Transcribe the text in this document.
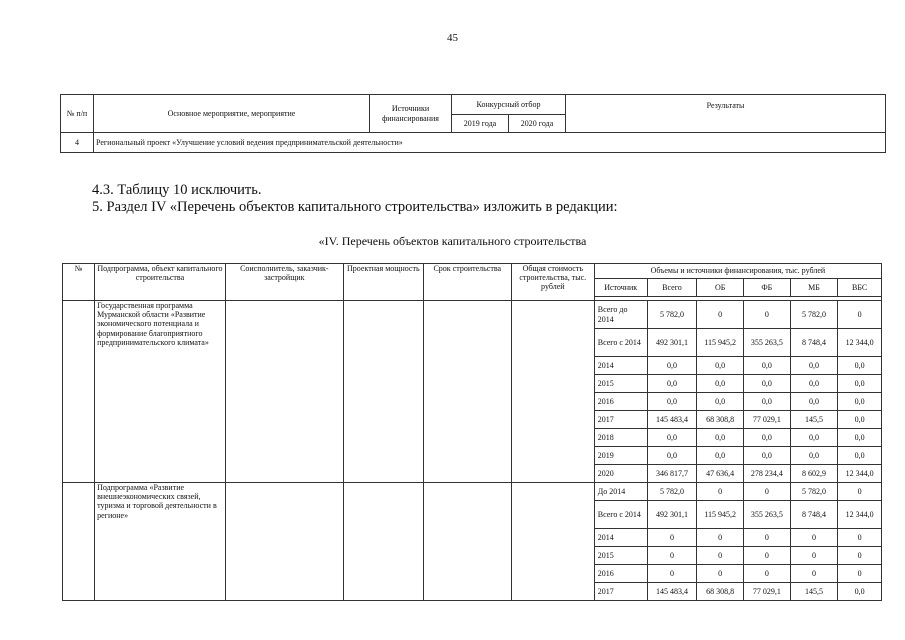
45
№ п/п	Основное мероприятие, мероприятие	Источники финансирования	Конкурсный отбор		Результаты
			2019 года	2020 года	
4	Региональный проект «Улучшение условий ведения предпринимательской деятельности»				
4.3. Таблицу 10 исключить.
5. Раздел IV «Перечень объектов капитального строительства» изложить в редакции:
«IV. Перечень объектов капитального строительства
№	Подпрограмма, объект капитального строительства	Соисполнитель, заказчик-застройщик	Проектная мощность	Срок строительства	Общая стоимость строительства, тыс. рублей	Объемы и источники финансирования, тыс. рублей					
						Источник	Всего	ОБ	ФБ	МБ	ВБС

	Государственная программа Мурманской области «Развитие экономического потенциала и формирование благоприятного предпринимательского климата»					Всего до 2014	5 782,0	0	0	5 782,0	0
						Всего с 2014	492 301,1	115 945,2	355 263,5	8 748,4	12 344,0
						2014	0,0	0,0	0,0	0,0	0,0
						2015	0,0	0,0	0,0	0,0	0,0
						2016	0,0	0,0	0,0	0,0	0,0
						2017	145 483,4	68 308,8	77 029,1	145,5	0,0
						2018	0,0	0,0	0,0	0,0	0,0
						2019	0,0	0,0	0,0	0,0	0,0
						2020	346 817,7	47 636,4	278 234,4	8 602,9	12 344,0
	Подпрограмма «Развитие внешнеэкономических связей, туризма и торговой деятельности в регионе»					До 2014	5 782,0	0	0	5 782,0	0
						Всего с 2014	492 301,1	115 945,2	355 263,5	8 748,4	12 344,0
						2014	0	0	0	0	0
						2015	0	0	0	0	0
						2016	0	0	0	0	0
						2017	145 483,4	68 308,8	77 029,1	145,5	0,0
